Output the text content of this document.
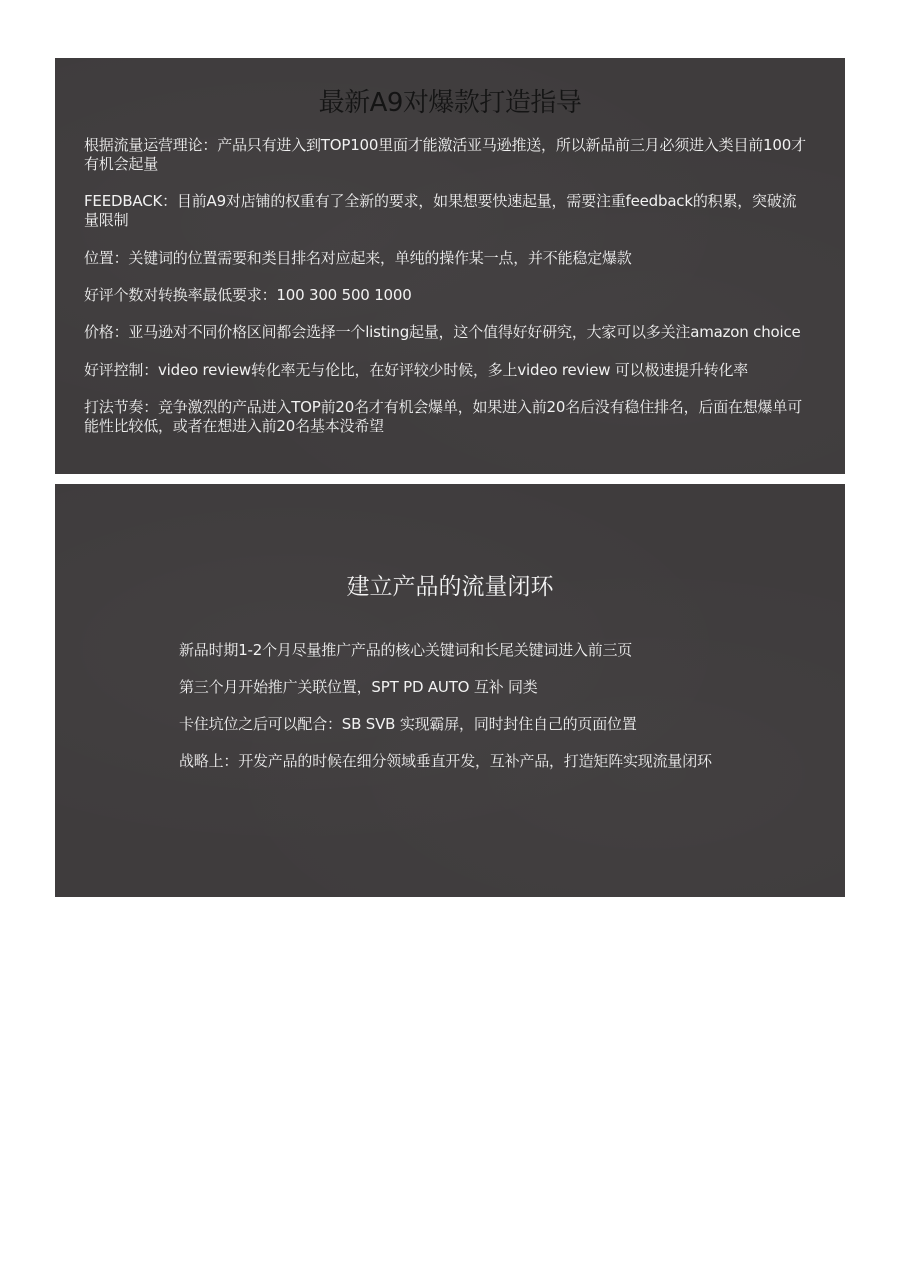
最新A9对爆款打造指导
根据流量运营理论：产品只有进入到TOP100里面才能激活亚马逊推送，所以新品前三月必须进入类目前100才有机会起量
FEEDBACK：目前A9对店铺的权重有了全新的要求，如果想要快速起量，需要注重feedback的积累，突破流量限制
位置：关键词的位置需要和类目排名对应起来，单纯的操作某一点，并不能稳定爆款
好评个数对转换率最低要求：100 300 500 1000
价格：亚马逊对不同价格区间都会选择一个listing起量，这个值得好好研究，大家可以多关注amazon choice
好评控制：video review转化率无与伦比，在好评较少时候，多上video review 可以极速提升转化率
打法节奏：竞争激烈的产品进入TOP前20名才有机会爆单，如果进入前20名后没有稳住排名，后面在想爆单可能性比较低，或者在想进入前20名基本没希望
建立产品的流量闭环
新品时期1-2个月尽量推广产品的核心关键词和长尾关键词进入前三页
第三个月开始推广关联位置，SPT PD AUTO 互补 同类
卡住坑位之后可以配合：SB SVB 实现霸屏，同时封住自己的页面位置
战略上：开发产品的时候在细分领域垂直开发，互补产品，打造矩阵实现流量闭环
